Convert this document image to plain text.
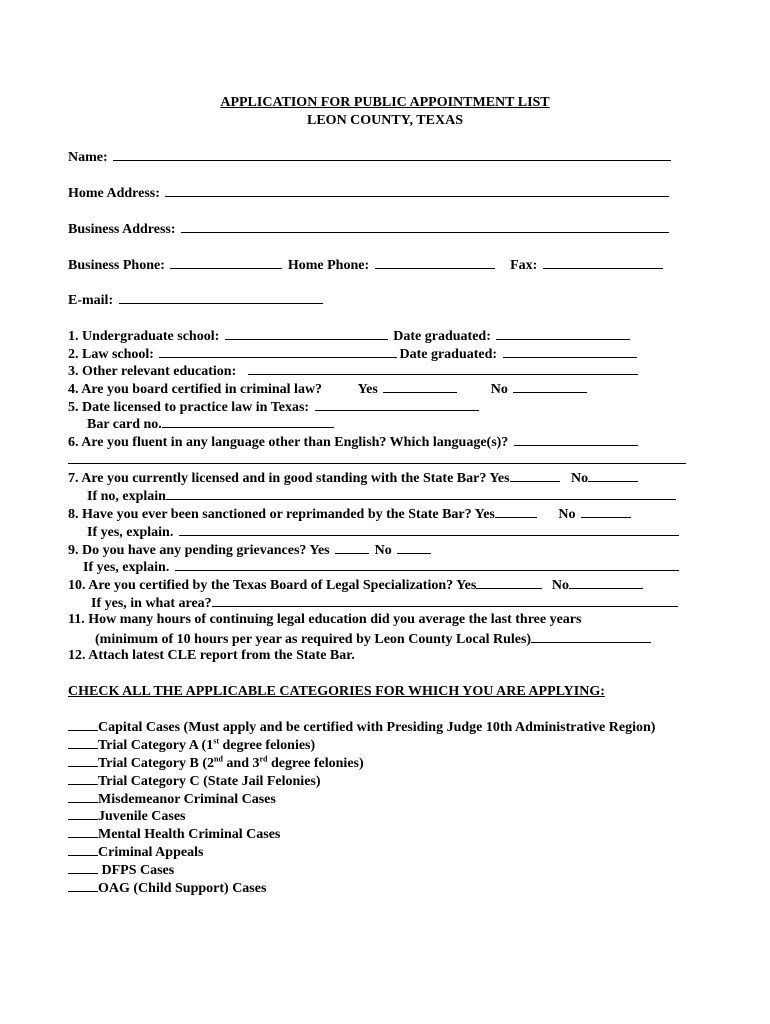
APPLICATION FOR PUBLIC APPOINTMENT LIST
LEON COUNTY, TEXAS
Name:
Home Address:
Business Address:
Business Phone:	Home Phone:	Fax:
E-mail:
1. Undergraduate school:	Date graduated:
2. Law school:	Date graduated:
3. Other relevant education:
4. Are you board certified in criminal law?	Yes	No
5. Date licensed to practice law in Texas:
Bar card no.
6. Are you fluent in any language other than English? Which language(s)?
7. Are you currently licensed and in good standing with the State Bar? Yes	No
If no, explain
8. Have you ever been sanctioned or reprimanded by the State Bar? Yes	No
If yes, explain.
9. Do you have any pending grievances? Yes	No
If yes, explain.
10. Are you certified by the Texas Board of Legal Specialization? Yes	No
If yes, in what area?
11. How many hours of continuing legal education did you average the last three years
(minimum of 10 hours per year as required by Leon County Local Rules)
12. Attach latest CLE report from the State Bar.
CHECK ALL THE APPLICABLE CATEGORIES FOR WHICH YOU ARE APPLYING:
Capital Cases (Must apply and be certified with Presiding Judge 10th Administrative Region)
Trial Category A (1st degree felonies)
Trial Category B (2nd and 3rd degree felonies)
Trial Category C (State Jail Felonies)
Misdemeanor Criminal Cases
Juvenile Cases
Mental Health Criminal Cases
Criminal Appeals
DFPS Cases
OAG (Child Support) Cases
